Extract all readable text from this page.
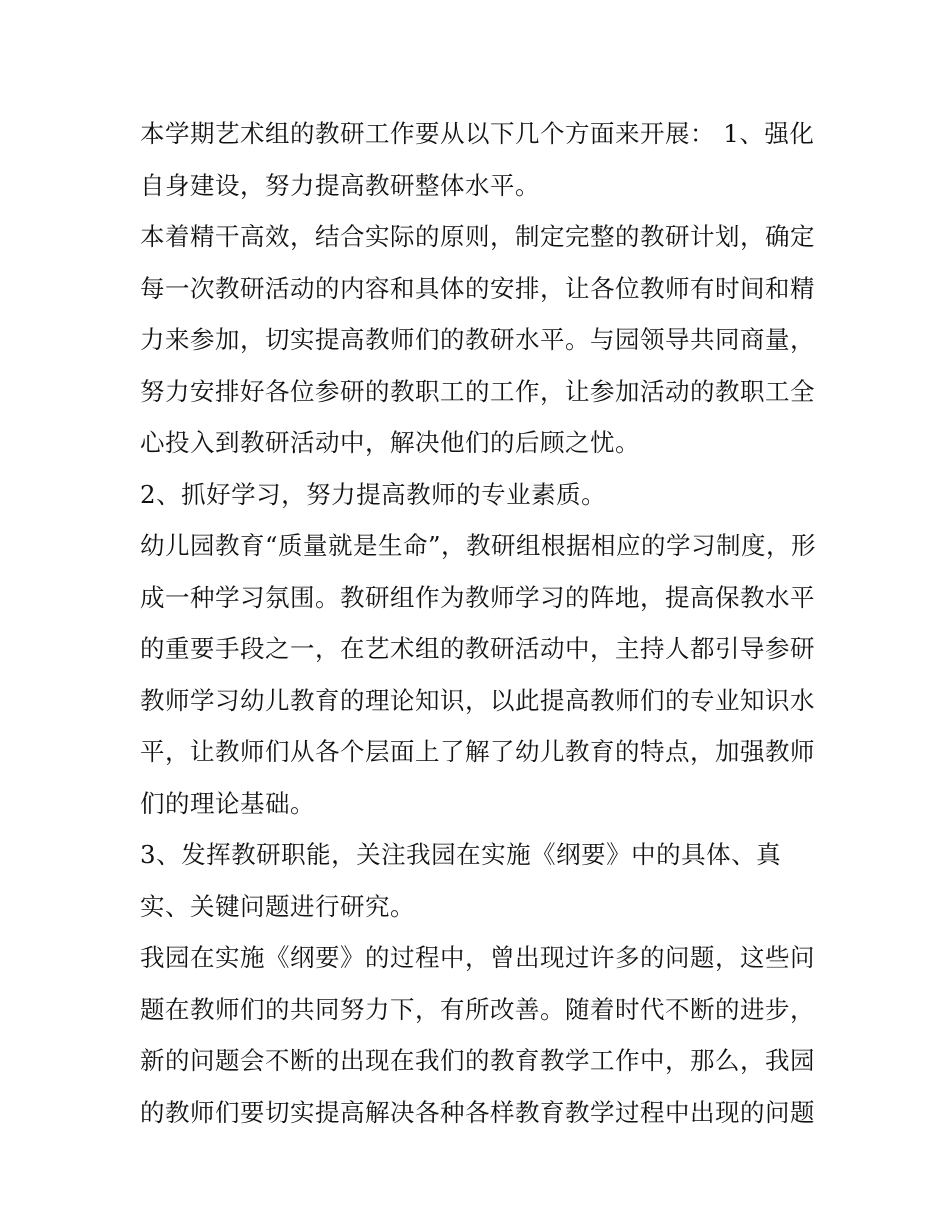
本学期艺术组的教研工作要从以下几个方面来开展： 1、强化
自身建设，努力提高教研整体水平。
本着精干高效，结合实际的原则，制定完整的教研计划，确定
每一次教研活动的内容和具体的安排，让各位教师有时间和精
力来参加，切实提高教师们的教研水平。与园领导共同商量，
努力安排好各位参研的教职工的工作，让参加活动的教职工全
心投入到教研活动中，解决他们的后顾之忧。
2、抓好学习，努力提高教师的专业素质。
幼儿园教育“质量就是生命”，教研组根据相应的学习制度，形
成一种学习氛围。教研组作为教师学习的阵地，提高保教水平
的重要手段之一，在艺术组的教研活动中，主持人都引导参研
教师学习幼儿教育的理论知识，以此提高教师们的专业知识水
平，让教师们从各个层面上了解了幼儿教育的特点，加强教师
们的理论基础。
3、发挥教研职能，关注我园在实施《纲要》中的具体、真
实、关键问题进行研究。
我园在实施《纲要》的过程中，曾出现过许多的问题，这些问
题在教师们的共同努力下，有所改善。随着时代不断的进步，
新的问题会不断的出现在我们的教育教学工作中，那么，我园
的教师们要切实提高解决各种各样教育教学过程中出现的问题
